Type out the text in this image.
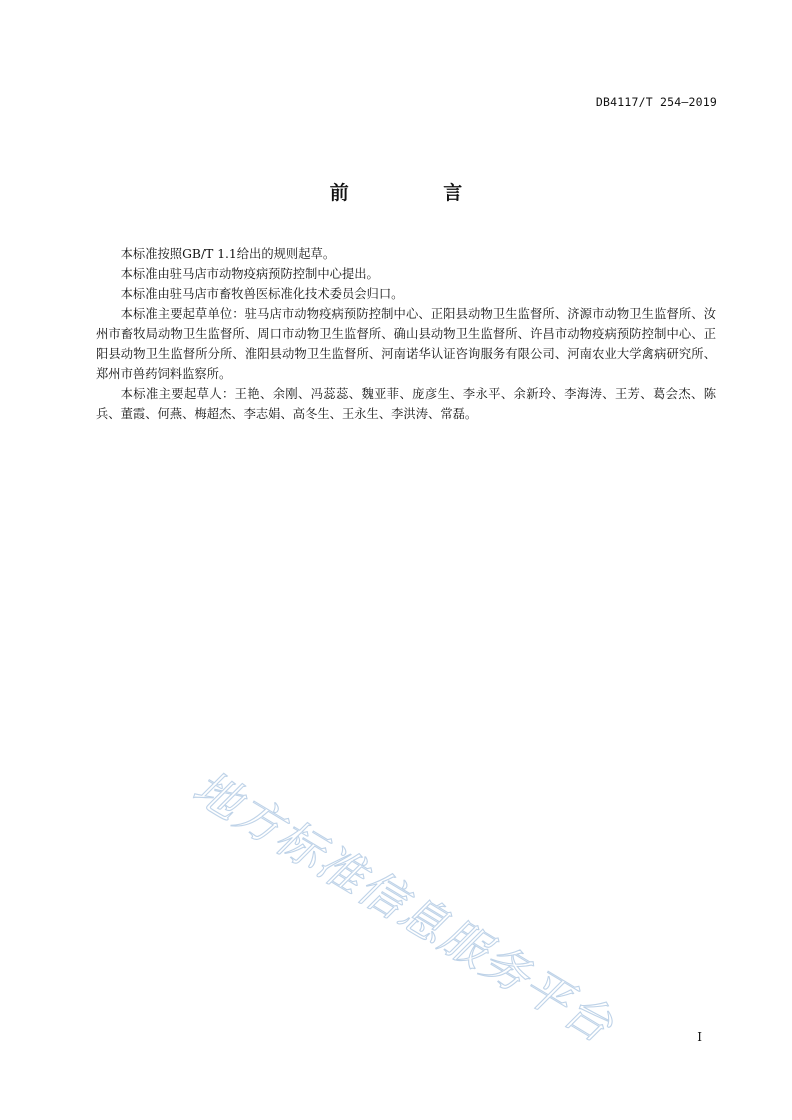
DB4117/T 254—2019
前 言

本标准按照GB/T 1.1给出的规则起草。

本标准由驻马店市动物疫病预防控制中心提出。

本标准由驻马店市畜牧兽医标准化技术委员会归口。

本标准主要起草单位：驻马店市动物疫病预防控制中心、正阳县动物卫生监督所、济源市动物卫生监督所、汝州市畜牧局动物卫生监督所、周口市动物卫生监督所、确山县动物卫生监督所、许昌市动物疫病预防控制中心、正阳县动物卫生监督所分所、淮阳县动物卫生监督所、河南诺华认证咨询服务有限公司、河南农业大学禽病研究所、郑州市兽药饲料监察所。

本标准主要起草人：王艳、余刚、冯蕊蕊、魏亚菲、庞彦生、李永平、余新玲、李海涛、王芳、葛会杰、陈兵、董霞、何燕、梅超杰、李志娟、高冬生、王永生、李洪涛、常磊。

地方标准信息服务平台	I
